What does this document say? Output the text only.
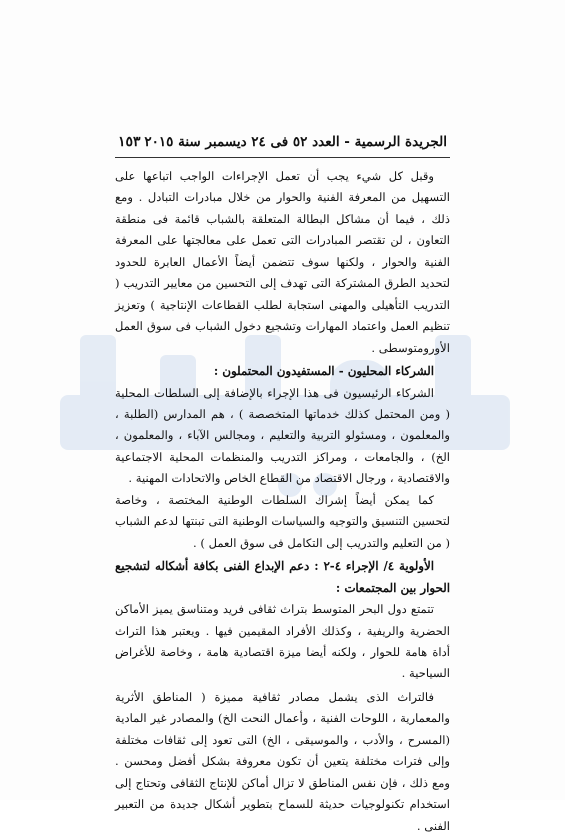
الجريدة الرسمية - العدد ٥٢ فى ٢٤ ديسمبر سنة ٢٠١٥
١٥٣

وقبل كل شيء يجب أن تعمل الإجراءات الواجب اتباعها على التسهيل من المعرفة الفنية والحوار من خلال مبادرات التبادل . ومع ذلك ، فيما أن مشاكل البطالة المتعلقة بالشباب قائمة فى منطقة التعاون ، لن تقتصر المبادرات التى تعمل على معالجتها على المعرفة الفنية والحوار ، ولكنها سوف تتضمن أيضاً الأعمال العابرة للحدود لتحديد الطرق المشتركة التى تهدف إلى التحسين من معايير التدريب ( التدريب التأهيلى والمهنى استجابة لطلب القطاعات الإنتاجية ) وتعزيز تنظيم العمل واعتماد المهارات وتشجيع دخول الشباب فى سوق العمل الأورومتوسطى .

الشركاء المحليون - المستفيدون المحتملون :

الشركاء الرئيسيون فى هذا الإجراء بالإضافة إلى السلطات المحلية ( ومن المحتمل كذلك خدماتها المتخصصة ) ، هم المدارس (الطلبة ، والمعلمون ، ومسئولو التربية والتعليم ، ومجالس الآباء ، والمعلمون ، الخ) ، والجامعات ، ومراكز التدريب والمنظمات المحلية الاجتماعية والاقتصادية ، ورجال الاقتصاد من القطاع الخاص والاتحادات المهنية .

كما يمكن أيضاً إشراك السلطات الوطنية المختصة ، وخاصة لتحسين التنسيق والتوجيه والسياسات الوطنية التى تبنتها لدعم الشباب ( من التعليم والتدريب إلى التكامل فى سوق العمل ) .

الأولوية ٤/ الإجراء ٤-٢ : دعم الإبداع الفنى بكافة أشكاله لتشجيع الحوار بين المجتمعات :

تتمتع دول البحر المتوسط بتراث ثقافى فريد ومتناسق يميز الأماكن الحضرية والريفية ، وكذلك الأفراد المقيمين فيها . ويعتبر هذا التراث أداة هامة للحوار ، ولكنه أيضا ميزة اقتصادية هامة ، وخاصة للأغراض السياحية .

فالتراث الذى يشمل مصادر ثقافية مميزة ( المناطق الأثرية والمعمارية ، اللوحات الفنية ، وأعمال النحت الخ) والمصادر غير المادية (المسرح ، والأدب ، والموسيقى ، الخ) التى تعود إلى ثقافات مختلفة وإلى فترات مختلفة يتعين أن تكون معروفة بشكل أفضل ومحسن . ومع ذلك ، فإن نفس المناطق لا تزال أماكن للإنتاج الثقافى وتحتاج إلى استخدام تكنولوجيات حديثة للسماح بتطوير أشكال جديدة من التعبير الفنى .
